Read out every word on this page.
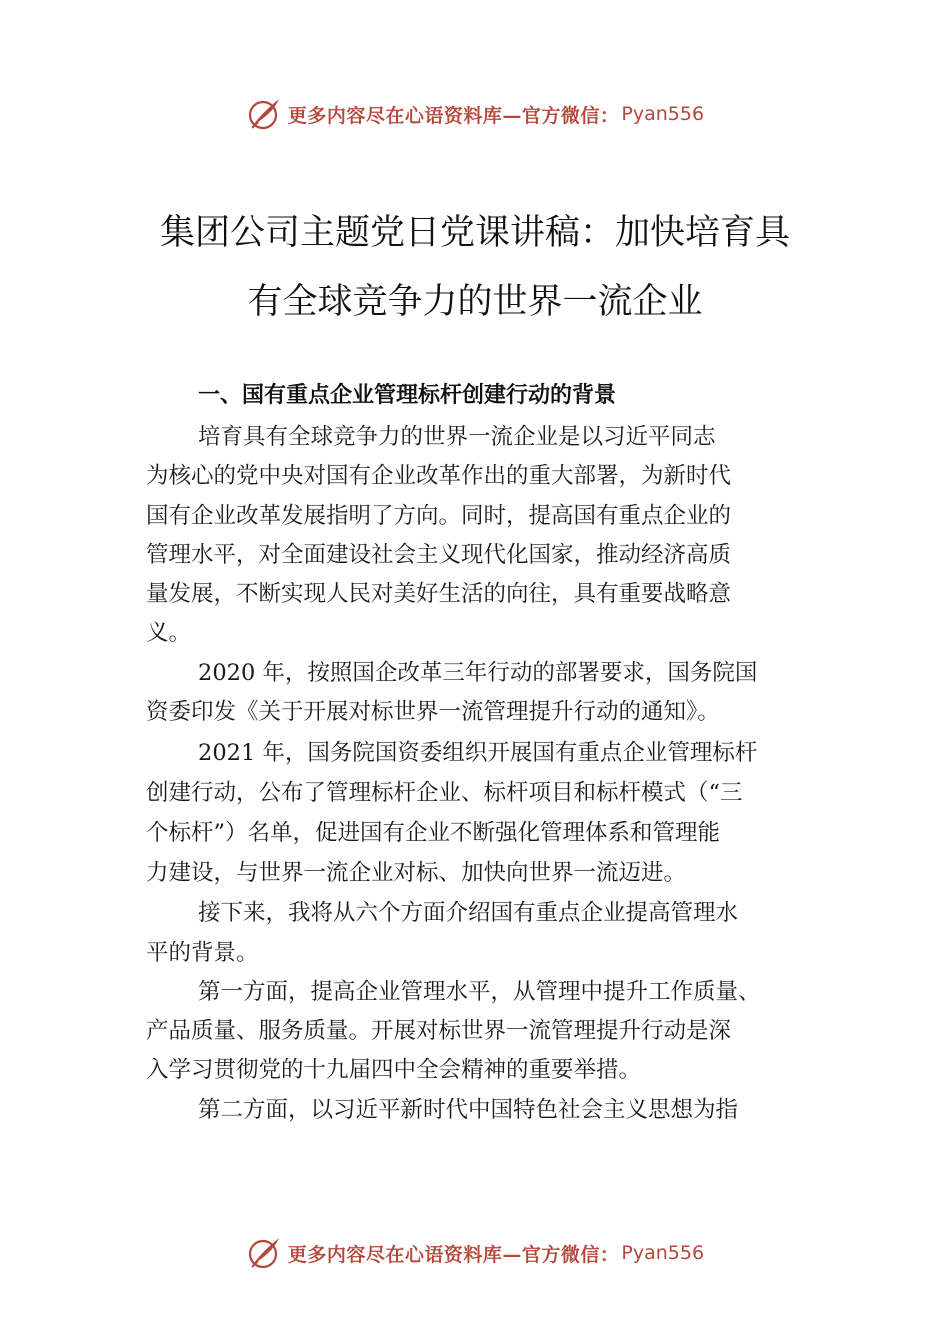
更多内容尽在心语资料库—官方微信： Pyan556
集团公司主题党日党课讲稿：加快培育具
有全球竞争力的世界一流企业
一、国有重点企业管理标杆创建行动的背景
培育具有全球竞争力的世界一流企业是以习近平同志
为核心的党中央对国有企业改革作出的重大部署，为新时代
国有企业改革发展指明了方向。同时，提高国有重点企业的
管理水平，对全面建设社会主义现代化国家，推动经济高质
量发展，不断实现人民对美好生活的向往，具有重要战略意
义。
2020 年，按照国企改革三年行动的部署要求，国务院国
资委印发《关于开展对标世界一流管理提升行动的通知》。
2021 年，国务院国资委组织开展国有重点企业管理标杆
创建行动，公布了管理标杆企业、标杆项目和标杆模式（“三
个标杆”）名单，促进国有企业不断强化管理体系和管理能
力建设，与世界一流企业对标、加快向世界一流迈进。
接下来，我将从六个方面介绍国有重点企业提高管理水
平的背景。
第一方面，提高企业管理水平，从管理中提升工作质量、
产品质量、服务质量。开展对标世界一流管理提升行动是深
入学习贯彻党的十九届四中全会精神的重要举措。
第二方面，以习近平新时代中国特色社会主义思想为指
更多内容尽在心语资料库—官方微信： Pyan556
